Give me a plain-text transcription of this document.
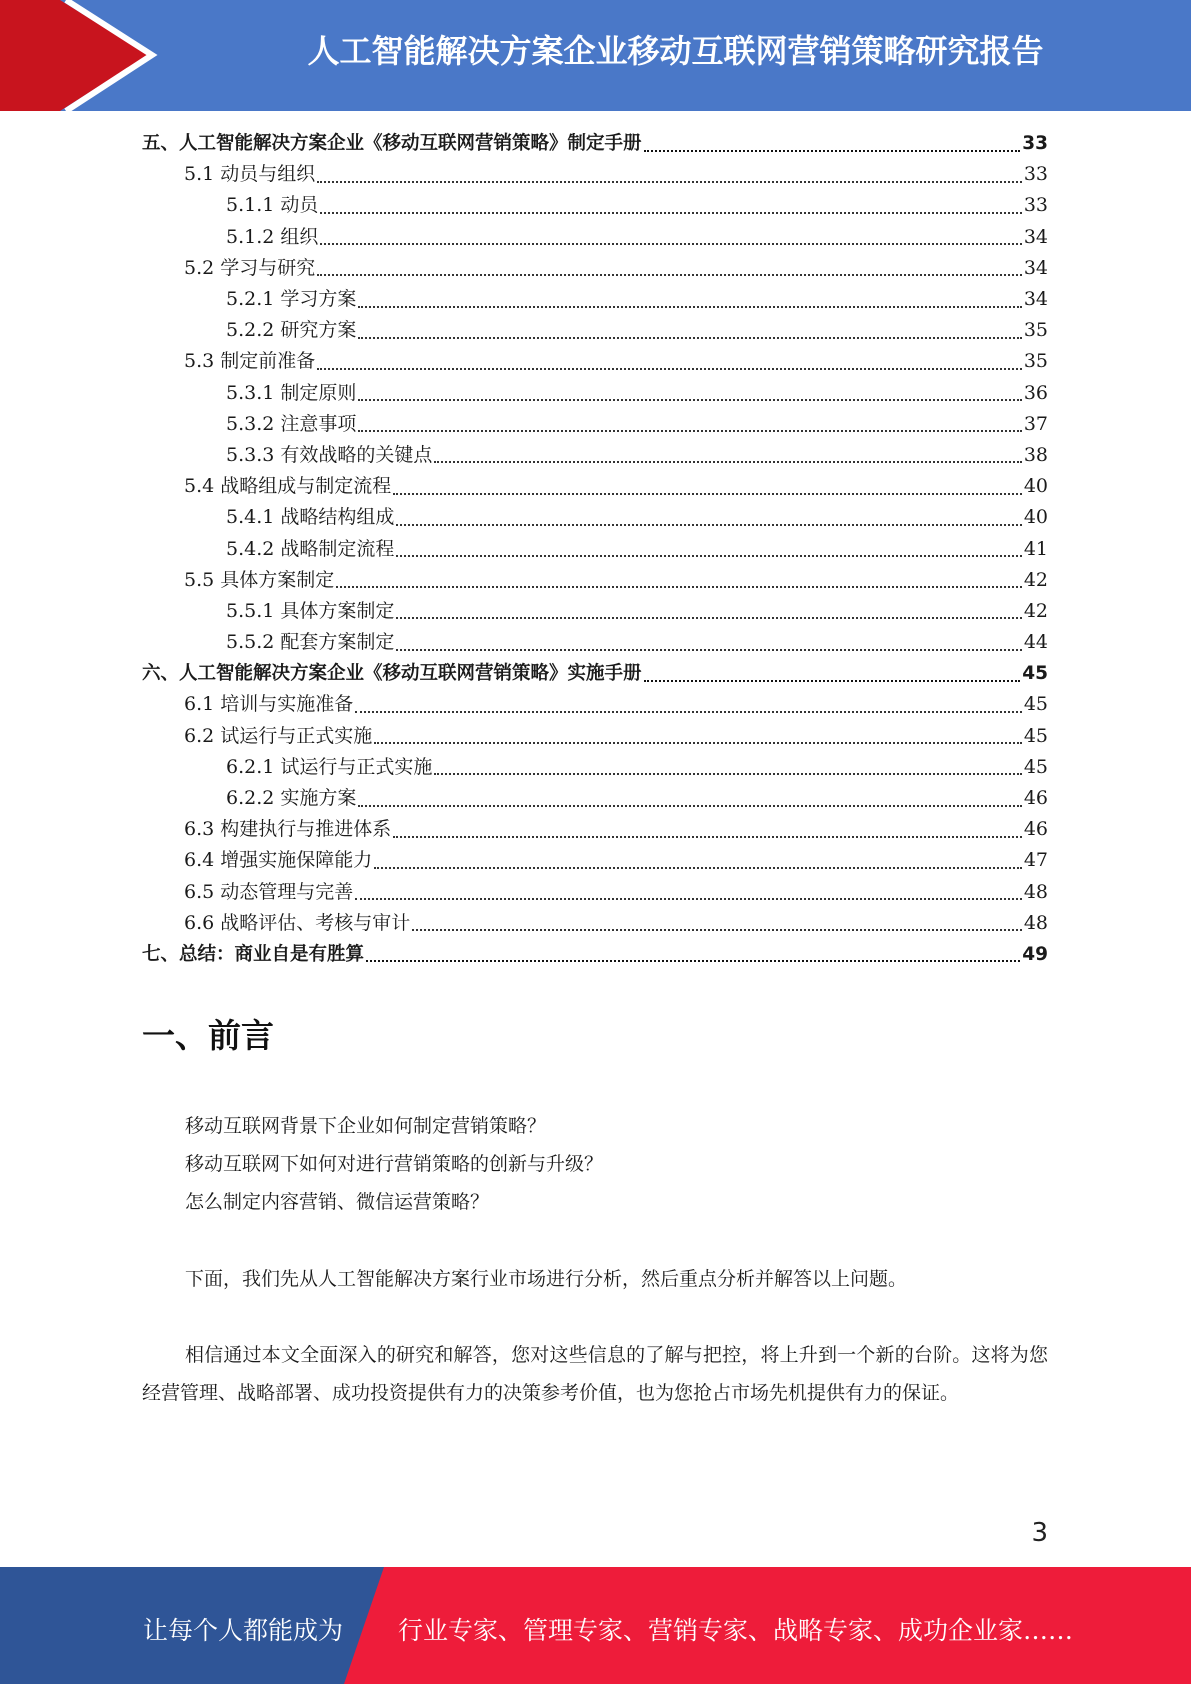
人工智能解决方案企业移动互联网营销策略研究报告
五、人工智能解决方案企业《移动互联网营销策略》制定手册	33
5.1 动员与组织	33
5.1.1 动员	33
5.1.2 组织	34
5.2 学习与研究	34
5.2.1 学习方案	34
5.2.2 研究方案	35
5.3 制定前准备	35
5.3.1 制定原则	36
5.3.2 注意事项	37
5.3.3 有效战略的关键点	38
5.4 战略组成与制定流程	40
5.4.1 战略结构组成	40
5.4.2 战略制定流程	41
5.5 具体方案制定	42
5.5.1 具体方案制定	42
5.5.2 配套方案制定	44
六、人工智能解决方案企业《移动互联网营销策略》实施手册	45
6.1 培训与实施准备	45
6.2 试运行与正式实施	45
6.2.1 试运行与正式实施	45
6.2.2 实施方案	46
6.3 构建执行与推进体系	46
6.4 增强实施保障能力	47
6.5 动态管理与完善	48
6.6 战略评估、考核与审计	48
七、总结：商业自是有胜算	49
一、前言
移动互联网背景下企业如何制定营销策略？
移动互联网下如何对进行营销策略的创新与升级？
怎么制定内容营销、微信运营策略？
下面，我们先从人工智能解决方案行业市场进行分析，然后重点分析并解答以上问题。
相信通过本文全面深入的研究和解答，您对这些信息的了解与把控，将上升到一个新的台阶。这将为您经营管理、战略部署、成功投资提供有力的决策参考价值，也为您抢占市场先机提供有力的保证。
3
让每个人都能成为 行业专家、管理专家、营销专家、战略专家、成功企业家……
